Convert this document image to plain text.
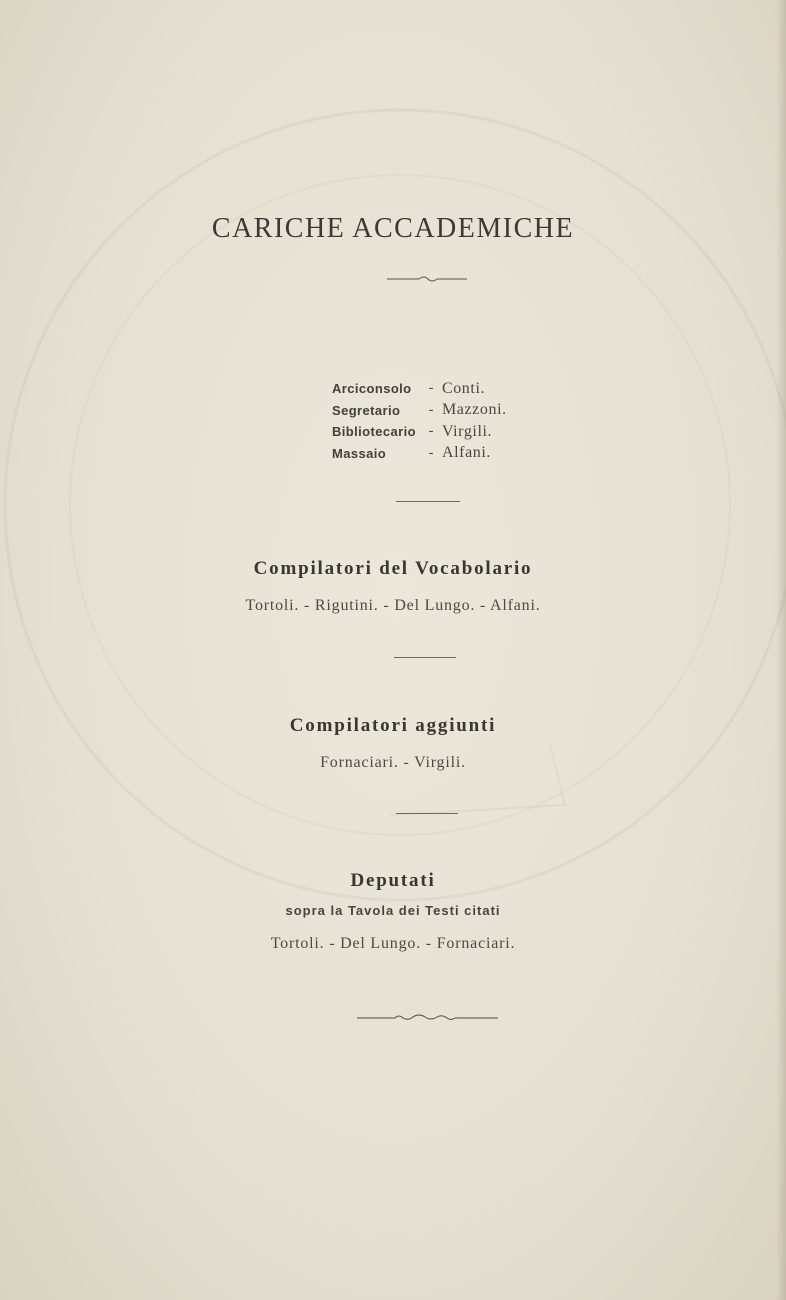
CARICHE ACCADEMICHE
Arciconsolo	-	Conti.
Segretario	-	Mazzoni.
Bibliotecario	-	Virgili.
Massaio	-	Alfani.
Compilatori del Vocabolario
Tortoli. - Rigutini. - Del Lungo. - Alfani.
Compilatori aggiunti
Fornaciari. - Virgili.
Deputati
sopra la Tavola dei Testi citati
Tortoli. - Del Lungo. - Fornaciari.
